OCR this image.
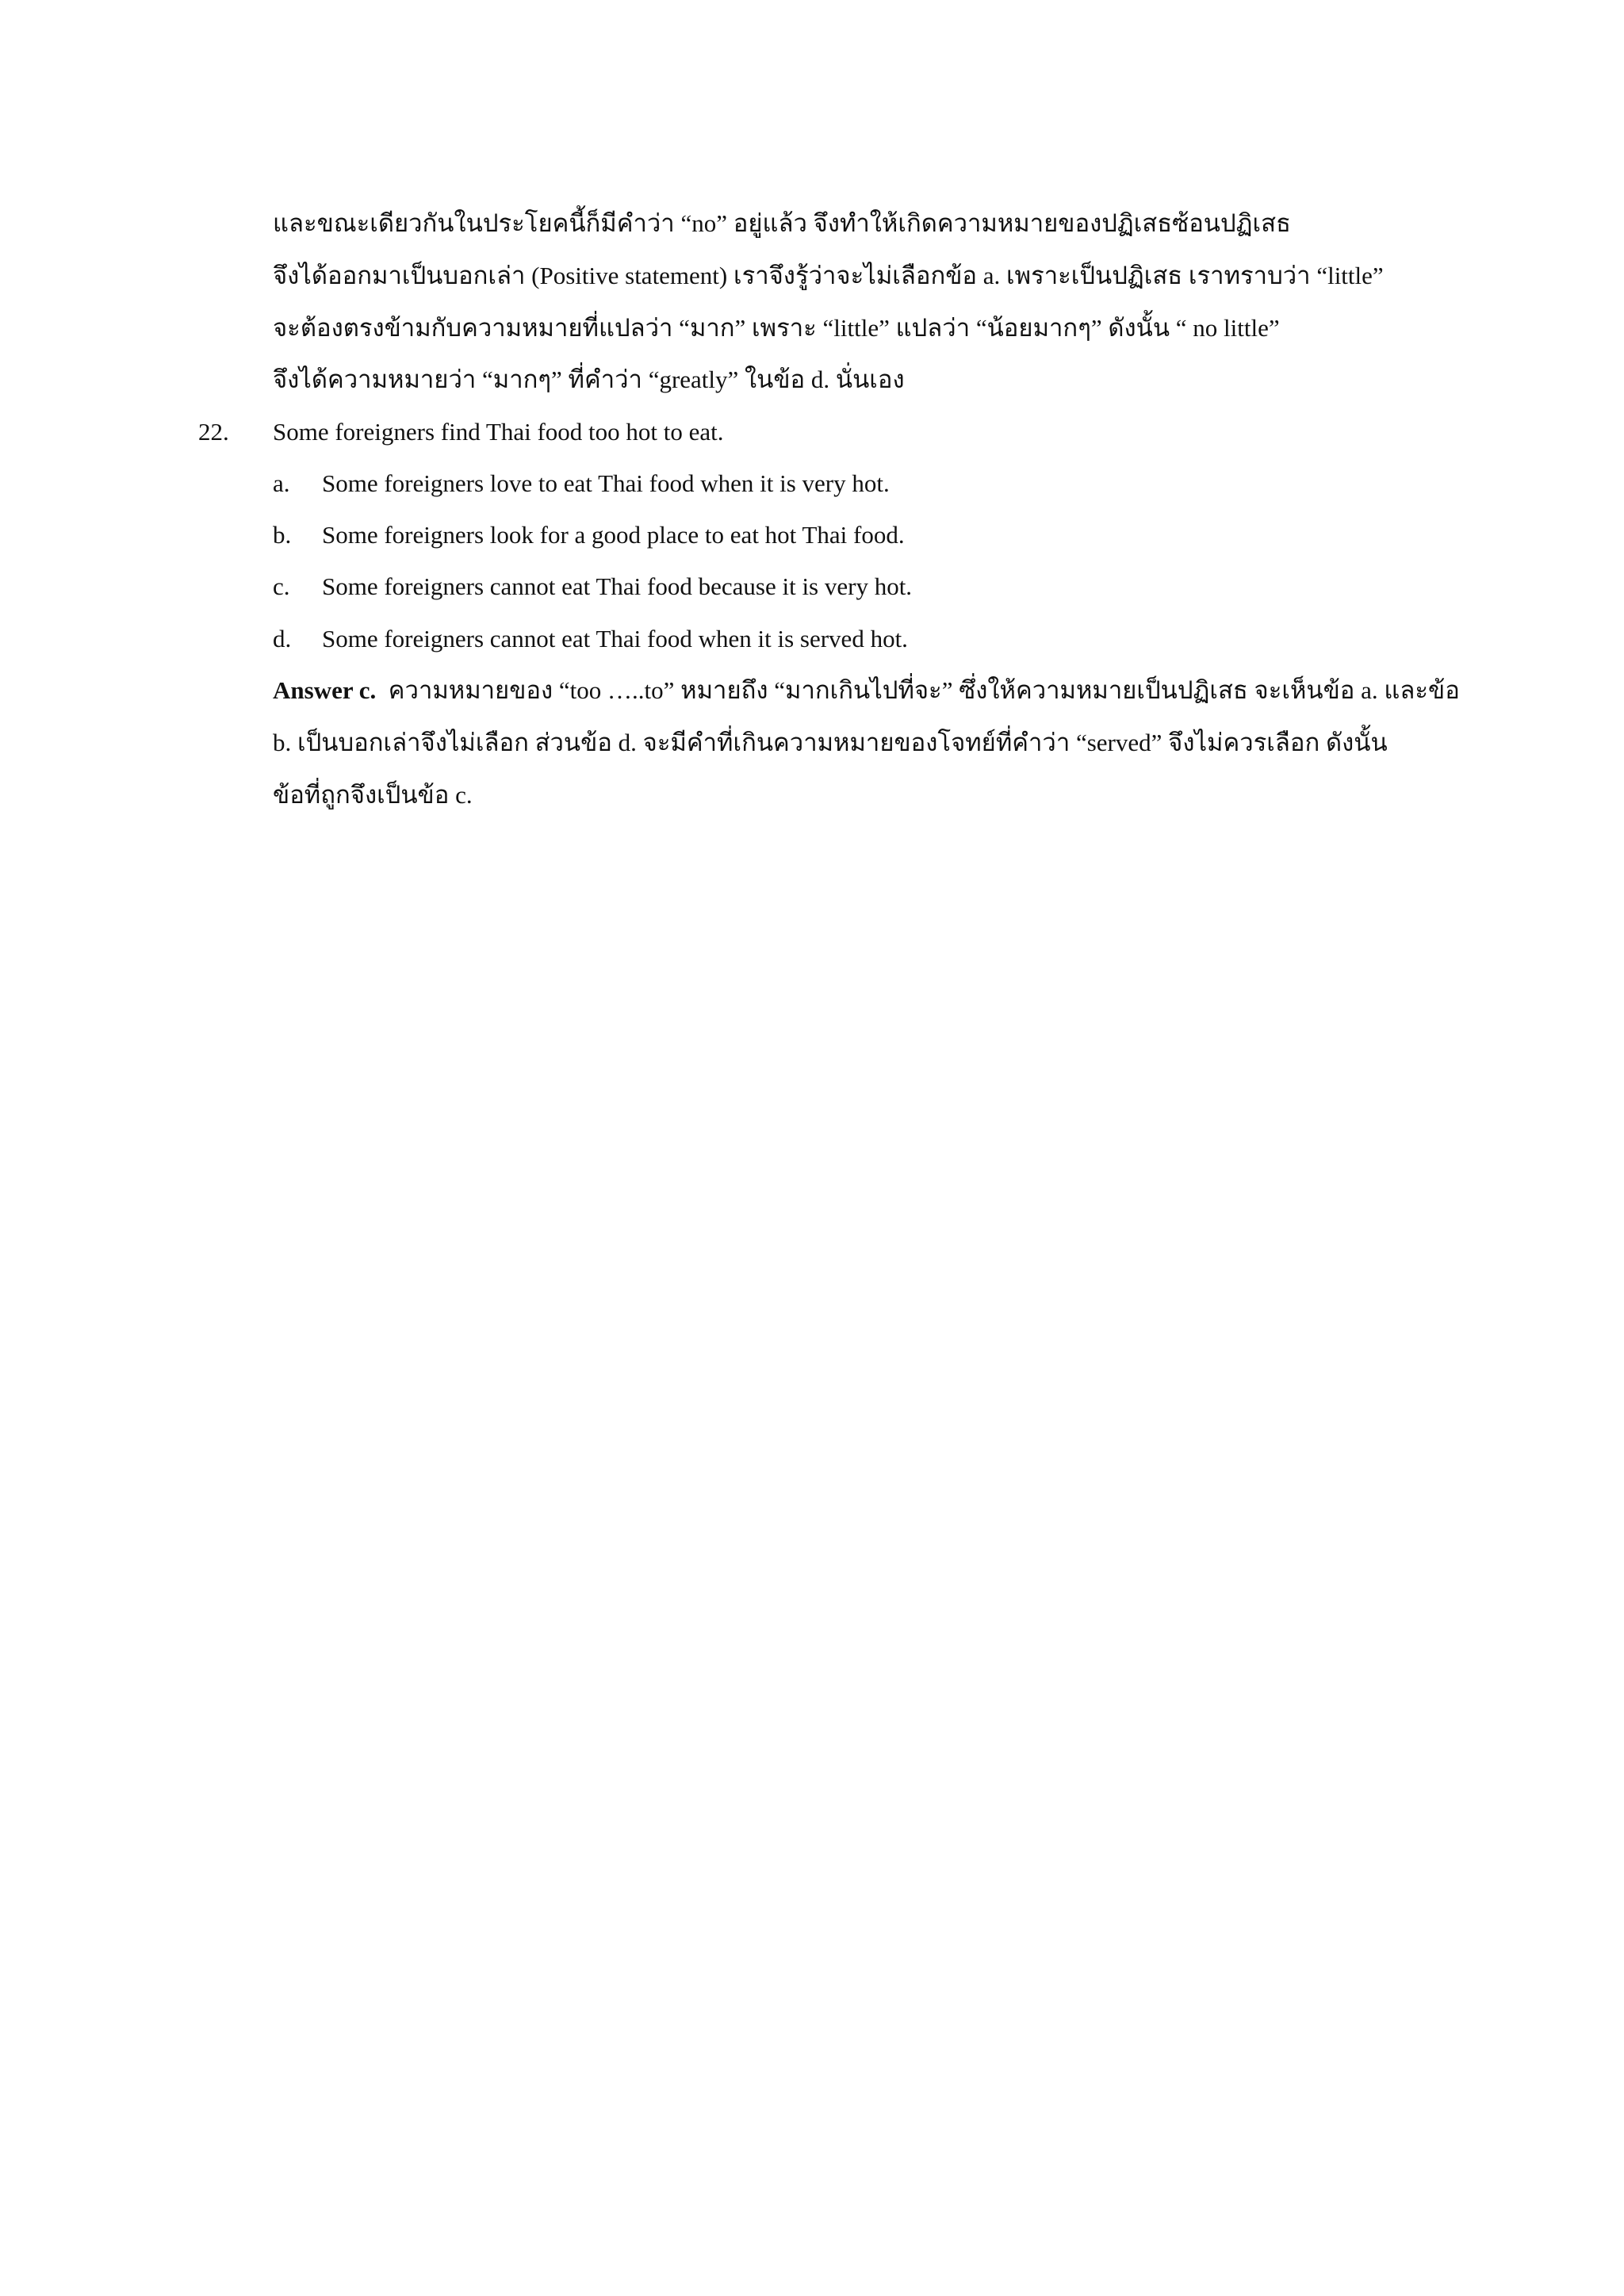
และขณะเดียวกันในประโยคนี้ก็มีคำว่า “no” อยู่แล้ว จึงทำให้เกิดความหมายของปฏิเสธซ้อนปฏิเสธ
จึงได้ออกมาเป็นบอกเล่า (Positive statement) เราจึงรู้ว่าจะไม่เลือกข้อ a. เพราะเป็นปฏิเสธ เราทราบว่า “little”
จะต้องตรงข้ามกับความหมายที่แปลว่า “มาก” เพราะ “little” แปลว่า “น้อยมากๆ” ดังนั้น “ no little”
จึงได้ความหมายว่า “มากๆ” ที่คำว่า “greatly” ในข้อ d. นั่นเอง
22. Some foreigners find Thai food too hot to eat.
a. Some foreigners love to eat Thai food when it is very hot.
b. Some foreigners look for a good place to eat hot Thai food.
c. Some foreigners cannot eat Thai food because it is very hot.
d. Some foreigners cannot eat Thai food when it is served hot.
Answer c. ความหมายของ “too …..to” หมายถึง “มากเกินไปที่จะ” ซึ่งให้ความหมายเป็นปฏิเสธ จะเห็นข้อ a. และข้อ
b. เป็นบอกเล่าจึงไม่เลือก ส่วนข้อ d. จะมีคำที่เกินความหมายของโจทย์ที่คำว่า “served” จึงไม่ควรเลือก ดังนั้น
ข้อที่ถูกจึงเป็นข้อ c.
